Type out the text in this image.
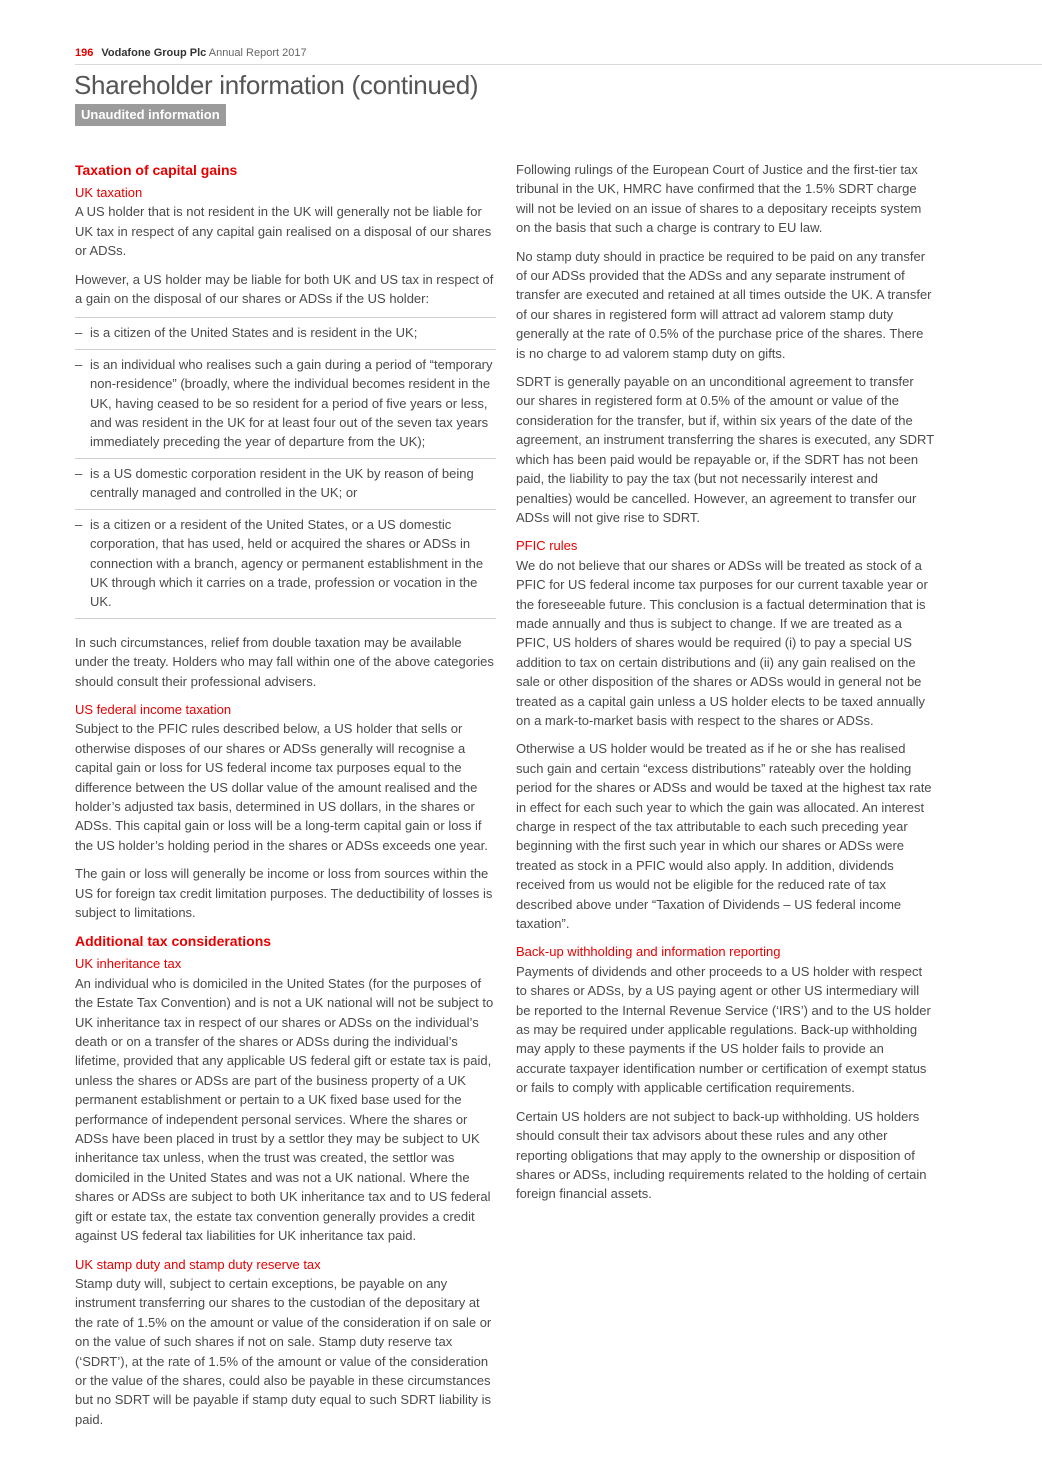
196 Vodafone Group Plc Annual Report 2017
Shareholder information (continued)
Unaudited information
Taxation of capital gains
UK taxation

A US holder that is not resident in the UK will generally not be liable for UK tax in respect of any capital gain realised on a disposal of our shares or ADSs.

However, a US holder may be liable for both UK and US tax in respect of a gain on the disposal of our shares or ADSs if the US holder:

– is a citizen of the United States and is resident in the UK;
– is an individual who realises such a gain during a period of “temporary non-residence” (broadly, where the individual becomes resident in the UK, having ceased to be so resident for a period of five years or less, and was resident in the UK for at least four out of the seven tax years immediately preceding the year of departure from the UK);
– is a US domestic corporation resident in the UK by reason of being centrally managed and controlled in the UK; or
– is a citizen or a resident of the United States, or a US domestic corporation, that has used, held or acquired the shares or ADSs in connection with a branch, agency or permanent establishment in the UK through which it carries on a trade, profession or vocation in the UK.

In such circumstances, relief from double taxation may be available under the treaty. Holders who may fall within one of the above categories should consult their professional advisers.

US federal income taxation

Subject to the PFIC rules described below, a US holder that sells or otherwise disposes of our shares or ADSs generally will recognise a capital gain or loss for US federal income tax purposes equal to the difference between the US dollar value of the amount realised and the holder’s adjusted tax basis, determined in US dollars, in the shares or ADSs. This capital gain or loss will be a long-term capital gain or loss if the US holder’s holding period in the shares or ADSs exceeds one year.

The gain or loss will generally be income or loss from sources within the US for foreign tax credit limitation purposes. The deductibility of losses is subject to limitations.

Additional tax considerations
UK inheritance tax

An individual who is domiciled in the United States (for the purposes of the Estate Tax Convention) and is not a UK national will not be subject to UK inheritance tax in respect of our shares or ADSs on the individual’s death or on a transfer of the shares or ADSs during the individual’s lifetime, provided that any applicable US federal gift or estate tax is paid, unless the shares or ADSs are part of the business property of a UK permanent establishment or pertain to a UK fixed base used for the performance of independent personal services. Where the shares or ADSs have been placed in trust by a settlor they may be subject to UK inheritance tax unless, when the trust was created, the settlor was domiciled in the United States and was not a UK national. Where the shares or ADSs are subject to both UK inheritance tax and to US federal gift or estate tax, the estate tax convention generally provides a credit against US federal tax liabilities for UK inheritance tax paid.

UK stamp duty and stamp duty reserve tax

Stamp duty will, subject to certain exceptions, be payable on any instrument transferring our shares to the custodian of the depositary at the rate of 1.5% on the amount or value of the consideration if on sale or on the value of such shares if not on sale. Stamp duty reserve tax (‘SDRT’), at the rate of 1.5% of the amount or value of the consideration or the value of the shares, could also be payable in these circumstances but no SDRT will be payable if stamp duty equal to such SDRT liability is paid.

Following rulings of the European Court of Justice and the first-tier tax tribunal in the UK, HMRC have confirmed that the 1.5% SDRT charge will not be levied on an issue of shares to a depositary receipts system on the basis that such a charge is contrary to EU law.

No stamp duty should in practice be required to be paid on any transfer of our ADSs provided that the ADSs and any separate instrument of transfer are executed and retained at all times outside the UK. A transfer of our shares in registered form will attract ad valorem stamp duty generally at the rate of 0.5% of the purchase price of the shares. There is no charge to ad valorem stamp duty on gifts.

SDRT is generally payable on an unconditional agreement to transfer our shares in registered form at 0.5% of the amount or value of the consideration for the transfer, but if, within six years of the date of the agreement, an instrument transferring the shares is executed, any SDRT which has been paid would be repayable or, if the SDRT has not been paid, the liability to pay the tax (but not necessarily interest and penalties) would be cancelled. However, an agreement to transfer our ADSs will not give rise to SDRT.

PFIC rules

We do not believe that our shares or ADSs will be treated as stock of a PFIC for US federal income tax purposes for our current taxable year or the foreseeable future. This conclusion is a factual determination that is made annually and thus is subject to change. If we are treated as a PFIC, US holders of shares would be required (i) to pay a special US addition to tax on certain distributions and (ii) any gain realised on the sale or other disposition of the shares or ADSs would in general not be treated as a capital gain unless a US holder elects to be taxed annually on a mark-to-market basis with respect to the shares or ADSs.

Otherwise a US holder would be treated as if he or she has realised such gain and certain “excess distributions” rateably over the holding period for the shares or ADSs and would be taxed at the highest tax rate in effect for each such year to which the gain was allocated. An interest charge in respect of the tax attributable to each such preceding year beginning with the first such year in which our shares or ADSs were treated as stock in a PFIC would also apply. In addition, dividends received from us would not be eligible for the reduced rate of tax described above under “Taxation of Dividends – US federal income taxation”.

Back-up withholding and information reporting

Payments of dividends and other proceeds to a US holder with respect to shares or ADSs, by a US paying agent or other US intermediary will be reported to the Internal Revenue Service (‘IRS’) and to the US holder as may be required under applicable regulations. Back-up withholding may apply to these payments if the US holder fails to provide an accurate taxpayer identification number or certification of exempt status or fails to comply with applicable certification requirements.

Certain US holders are not subject to back-up withholding. US holders should consult their tax advisors about these rules and any other reporting obligations that may apply to the ownership or disposition of shares or ADSs, including requirements related to the holding of certain foreign financial assets.
